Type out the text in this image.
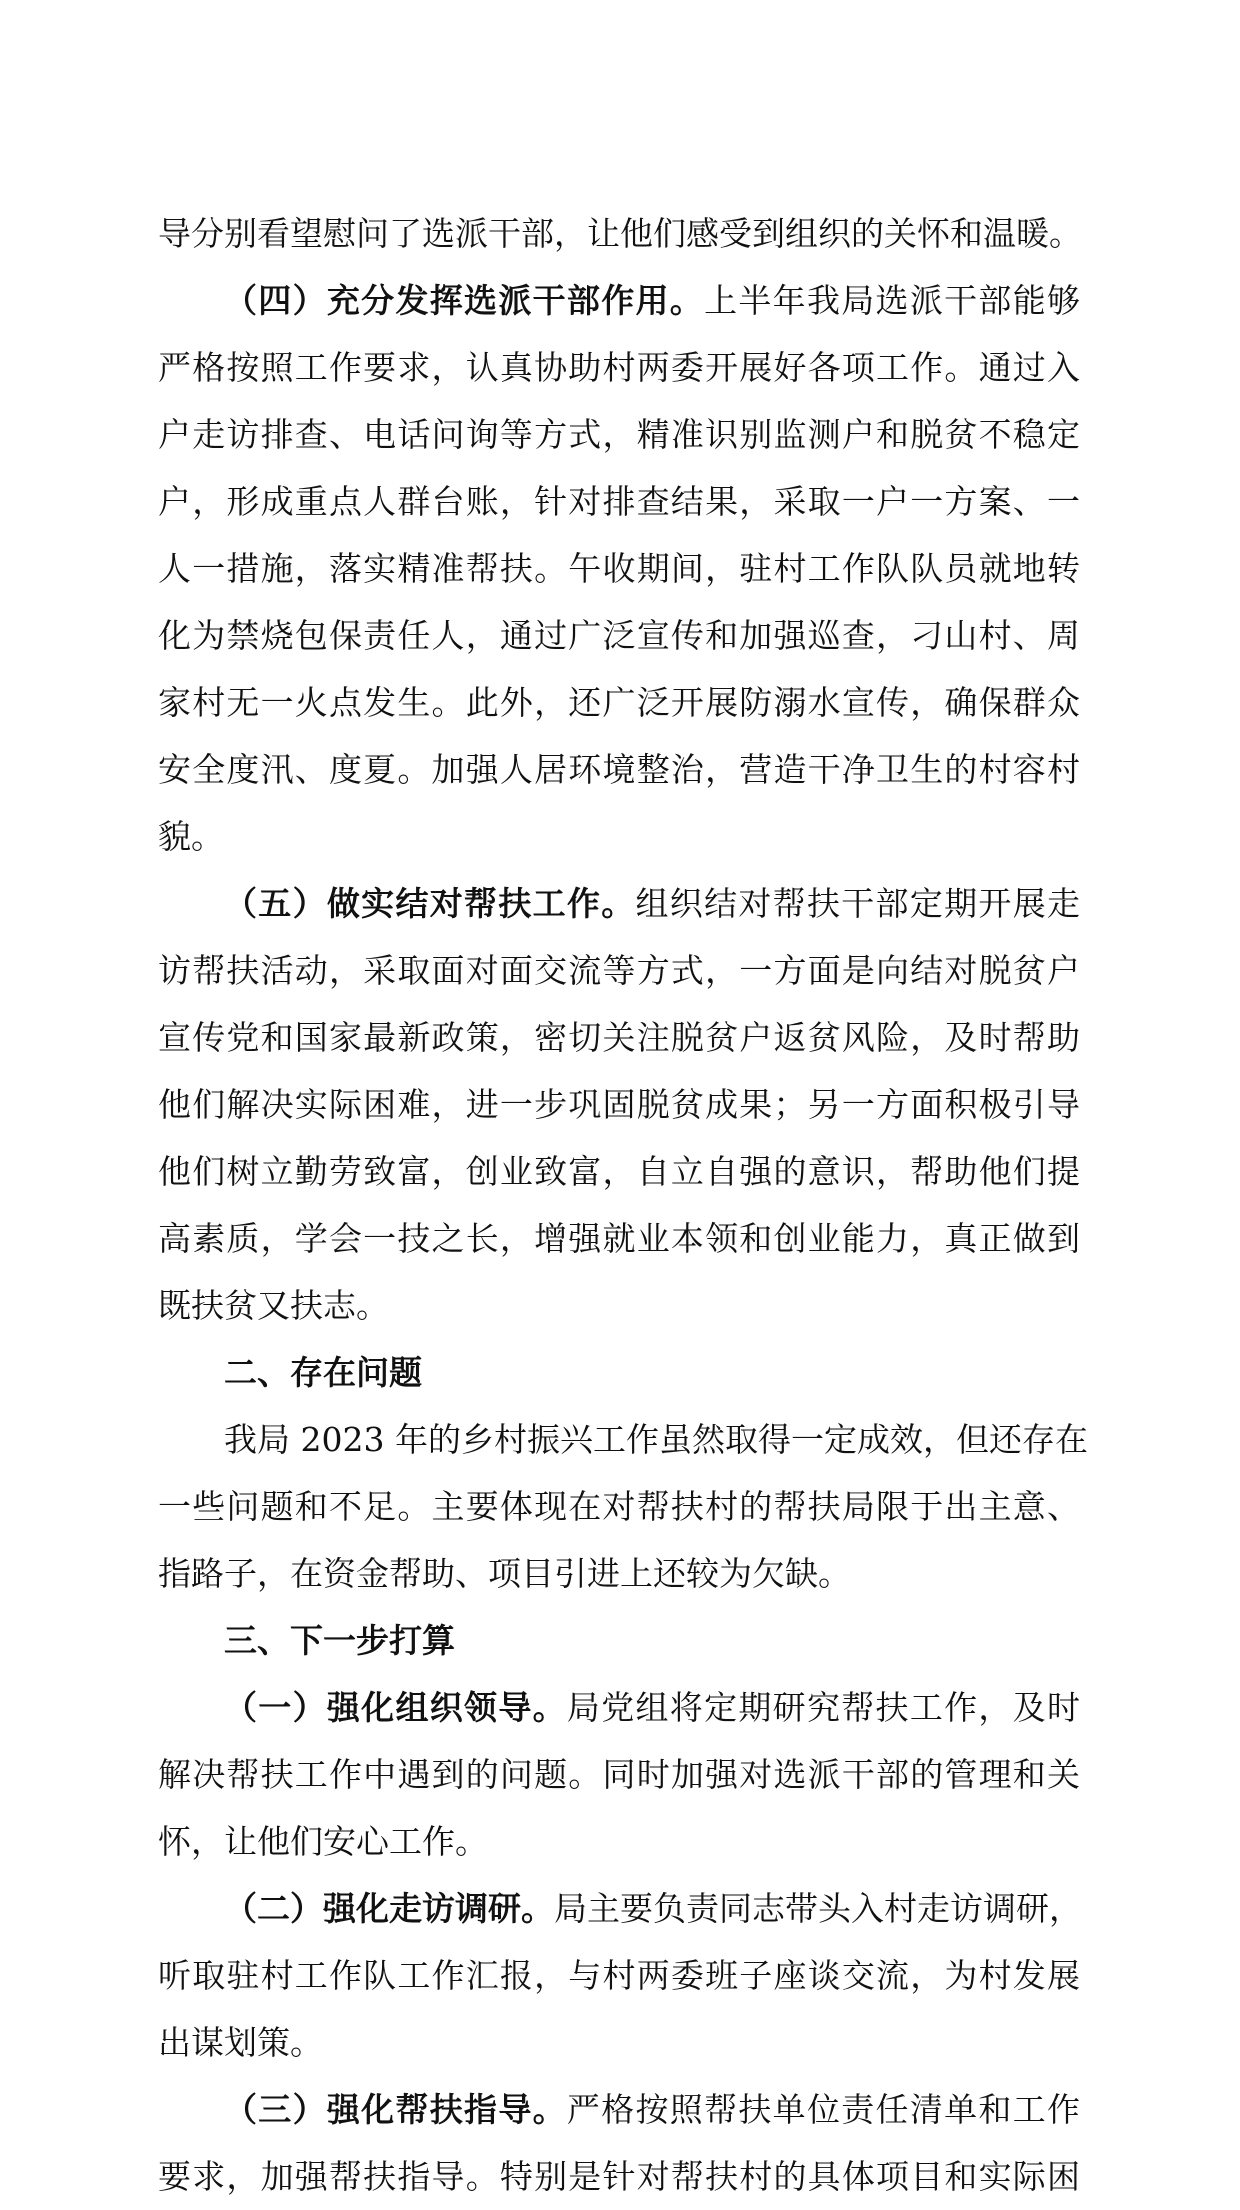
导分别看望慰问了选派干部，让他们感受到组织的关怀和温暖。
（四）充分发挥选派干部作用。上半年我局选派干部能够
严格按照工作要求，认真协助村两委开展好各项工作。通过入
户走访排查、电话问询等方式，精准识别监测户和脱贫不稳定
户，形成重点人群台账，针对排查结果，采取一户一方案、一
人一措施，落实精准帮扶。午收期间，驻村工作队队员就地转
化为禁烧包保责任人，通过广泛宣传和加强巡查，刁山村、周
家村无一火点发生。此外，还广泛开展防溺水宣传，确保群众
安全度汛、度夏。加强人居环境整治，营造干净卫生的村容村
貌。
（五）做实结对帮扶工作。组织结对帮扶干部定期开展走
访帮扶活动，采取面对面交流等方式，一方面是向结对脱贫户
宣传党和国家最新政策，密切关注脱贫户返贫风险，及时帮助
他们解决实际困难，进一步巩固脱贫成果；另一方面积极引导
他们树立勤劳致富，创业致富，自立自强的意识，帮助他们提
高素质，学会一技之长，增强就业本领和创业能力，真正做到
既扶贫又扶志。
二、存在问题
我局 2023 年的乡村振兴工作虽然取得一定成效，但还存在
一些问题和不足。主要体现在对帮扶村的帮扶局限于出主意、
指路子，在资金帮助、项目引进上还较为欠缺。
三、下一步打算
（一）强化组织领导。局党组将定期研究帮扶工作，及时
解决帮扶工作中遇到的问题。同时加强对选派干部的管理和关
怀，让他们安心工作。
（二）强化走访调研。局主要负责同志带头入村走访调研，
听取驻村工作队工作汇报，与村两委班子座谈交流，为村发展
出谋划策。
（三）强化帮扶指导。严格按照帮扶单位责任清单和工作
要求，加强帮扶指导。特别是针对帮扶村的具体项目和实际困
